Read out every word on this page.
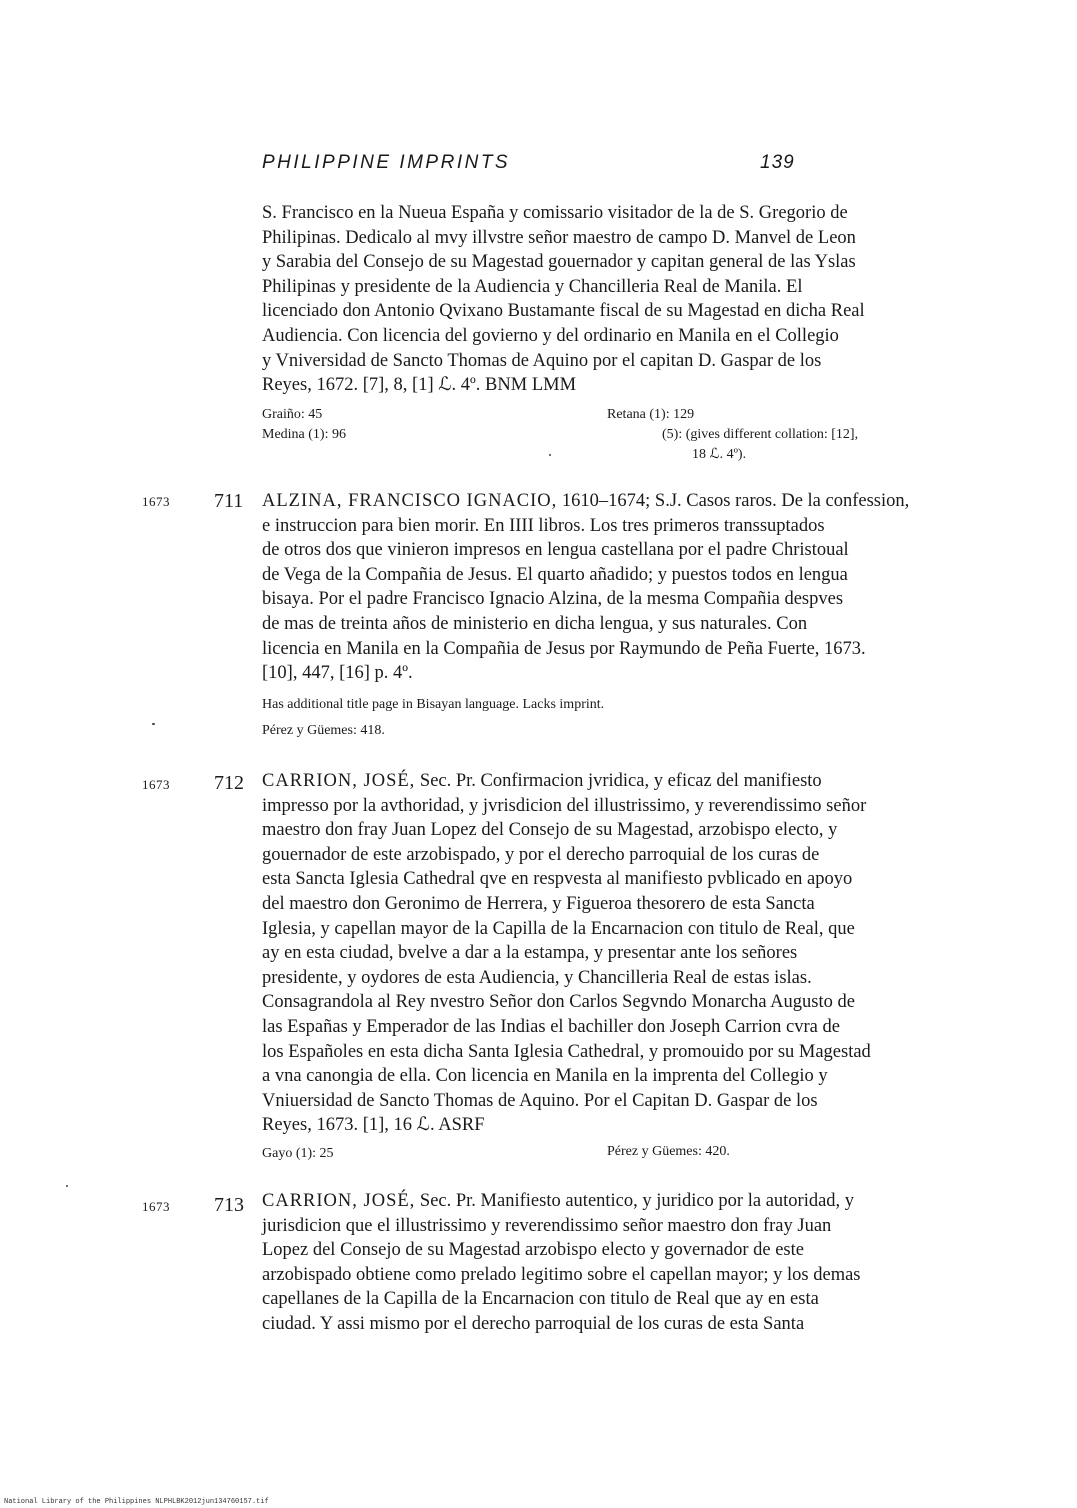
PHILIPPINE IMPRINTS	139
S. Francisco en la Nueua España y comissario visitador de la de S. Gregorio de
Philipinas. Dedicalo al mvy illvstre señor maestro de campo D. Manvel de Leon
y Sarabia del Consejo de su Magestad gouernador y capitan general de las Yslas
Philipinas y presidente de la Audiencia y Chancilleria Real de Manila. El
licenciado don Antonio Qvixano Bustamante fiscal de su Magestad en dicha Real
Audiencia. Con licencia del govierno y del ordinario en Manila en el Collegio
y Vniversidad de Sancto Thomas de Aquino por el capitan D. Gaspar de los
Reyes, 1672. [7], 8, [1] ℒ. 4º. BNM LMM
Graiño: 45
Medina (1): 96
Retana (1): 129
(5): (gives different collation: [12],
18 ℒ. 4º).
1673 711 ALZINA, FRANCISCO IGNACIO, 1610–1674; S.J. Casos raros. De la confession,
e instruccion para bien morir. En IIII libros. Los tres primeros transsuptados
de otros dos que vinieron impresos en lengua castellana por el padre Christoual
de Vega de la Compañia de Jesus. El quarto añadido; y puestos todos en lengua
bisaya. Por el padre Francisco Ignacio Alzina, de la mesma Compañia despves
de mas de treinta años de ministerio en dicha lengua, y sus naturales. Con
licencia en Manila en la Compañia de Jesus por Raymundo de Peña Fuerte, 1673.
[10], 447, [16] p. 4º.
Has additional title page in Bisayan language. Lacks imprint.
Pérez y Güemes: 418.
1673 712 CARRION, JOSÉ, Sec. Pr. Confirmacion jvridica, y eficaz del manifiesto
impresso por la avthoridad, y jvrisdicion del illustrissimo, y reverendissimo señor
maestro don fray Juan Lopez del Consejo de su Magestad, arzobispo electo, y
gouernador de este arzobispado, y por el derecho parroquial de los curas de
esta Sancta Iglesia Cathedral qve en respvesta al manifiesto pvblicado en apoyo
del maestro don Geronimo de Herrera, y Figueroa thesorero de esta Sancta
Iglesia, y capellan mayor de la Capilla de la Encarnacion con titulo de Real, que
ay en esta ciudad, bvelve a dar a la estampa, y presentar ante los señores
presidente, y oydores de esta Audiencia, y Chancilleria Real de estas islas.
Consagrandola al Rey nvestro Señor don Carlos Segvndo Monarcha Augusto de
las Españas y Emperador de las Indias el bachiller don Joseph Carrion cvra de
los Españoles en esta dicha Santa Iglesia Cathedral, y promouido por su Magestad
a vna canongia de ella. Con licencia en Manila en la imprenta del Collegio y
Vniuersidad de Sancto Thomas de Aquino. Por el Capitan D. Gaspar de los
Reyes, 1673. [1], 16 ℒ. ASRF
Gayo (1): 25	Pérez y Güemes: 420.
1673 713 CARRION, JOSÉ, Sec. Pr. Manifiesto autentico, y juridico por la autoridad, y
jurisdicion que el illustrissimo y reverendissimo señor maestro don fray Juan
Lopez del Consejo de su Magestad arzobispo electo y governador de este
arzobispado obtiene como prelado legitimo sobre el capellan mayor; y los demas
capellanes de la Capilla de la Encarnacion con titulo de Real que ay en esta
ciudad. Y assi mismo por el derecho parroquial de los curas de esta Santa
National Library of the Philippines NLPHLBK2012jun134760157.tif
